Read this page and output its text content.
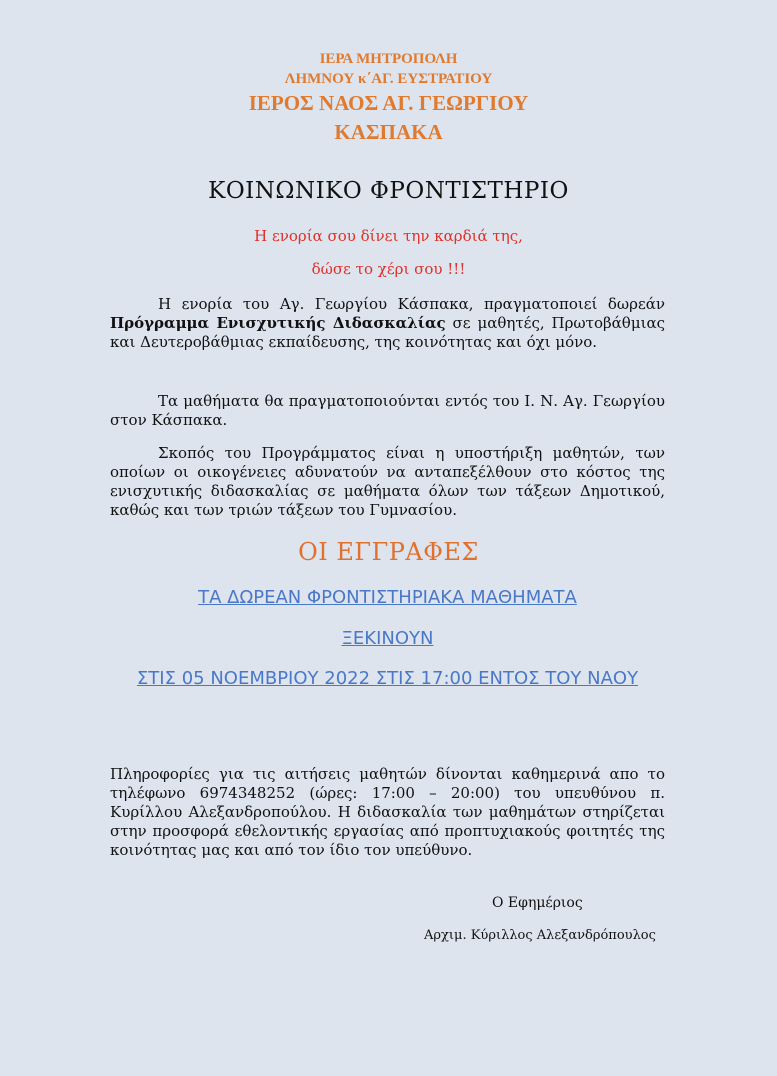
ΙΕΡΑ ΜΗΤΡΟΠΟΛΗ
ΛΗΜΝΟΥ κ΄ΑΓ. ΕΥΣΤΡΑΤΙΟΥ
ΙΕΡΟΣ ΝΑΟΣ ΑΓ. ΓΕΩΡΓΙΟΥ
ΚΑΣΠΑΚΑ
ΚΟΙΝΩΝΙΚΟ ΦΡΟΝΤΙΣΤΗΡΙΟ
Η ενορία σου δίνει την καρδιά της,
δώσε το χέρι σου !!!
Η ενορία του Αγ. Γεωργίου Κάσπακα, πραγματοποιεί δωρεάν Πρόγραμμα Ενισχυτικής Διδασκαλίας σε μαθητές, Πρωτοβάθμιας και Δευτεροβάθμιας εκπαίδευσης, της κοινότητας και όχι μόνο.
Τα μαθήματα θα πραγματοποιούνται εντός του Ι. Ν. Αγ. Γεωργίου στον Κάσπακα.
Σκοπός του Προγράμματος είναι η υποστήριξη μαθητών, των οποίων οι οικογένειες αδυνατούν να ανταπεξέλθουν στο κόστος της ενισχυτικής διδασκαλίας σε μαθήματα όλων των τάξεων Δημοτικού, καθώς και των τριών τάξεων του Γυμνασίου.
ΟΙ ΕΓΓΡΑΦΕΣ
ΤΑ ΔΩΡΕΑΝ ΦΡΟΝΤΙΣΤΗΡΙΑΚΑ ΜΑΘΗΜΑΤΑ
ΞΕΚΙΝΟΥΝ
ΣΤΙΣ 05 ΝΟΕΜΒΡΙΟΥ 2022 ΣΤΙΣ 17:00 ΕΝΤΟΣ ΤΟΥ ΝΑΟΥ
Πληροφορίες για τις αιτήσεις μαθητών δίνονται καθημερινά απο το τηλέφωνο 6974348252 (ώρες: 17:00 – 20:00) του υπευθύνου π. Κυρίλλου Αλεξανδροπούλου. Η διδασκαλία των μαθημάτων στηρίζεται στην προσφορά εθελοντικής εργασίας από προπτυχιακούς φοιτητές της κοινότητας μας και από τον ίδιο τον υπεύθυνο.
Ο Εφημέριος
Αρχιμ. Κύριλλος Αλεξανδρόπουλος
